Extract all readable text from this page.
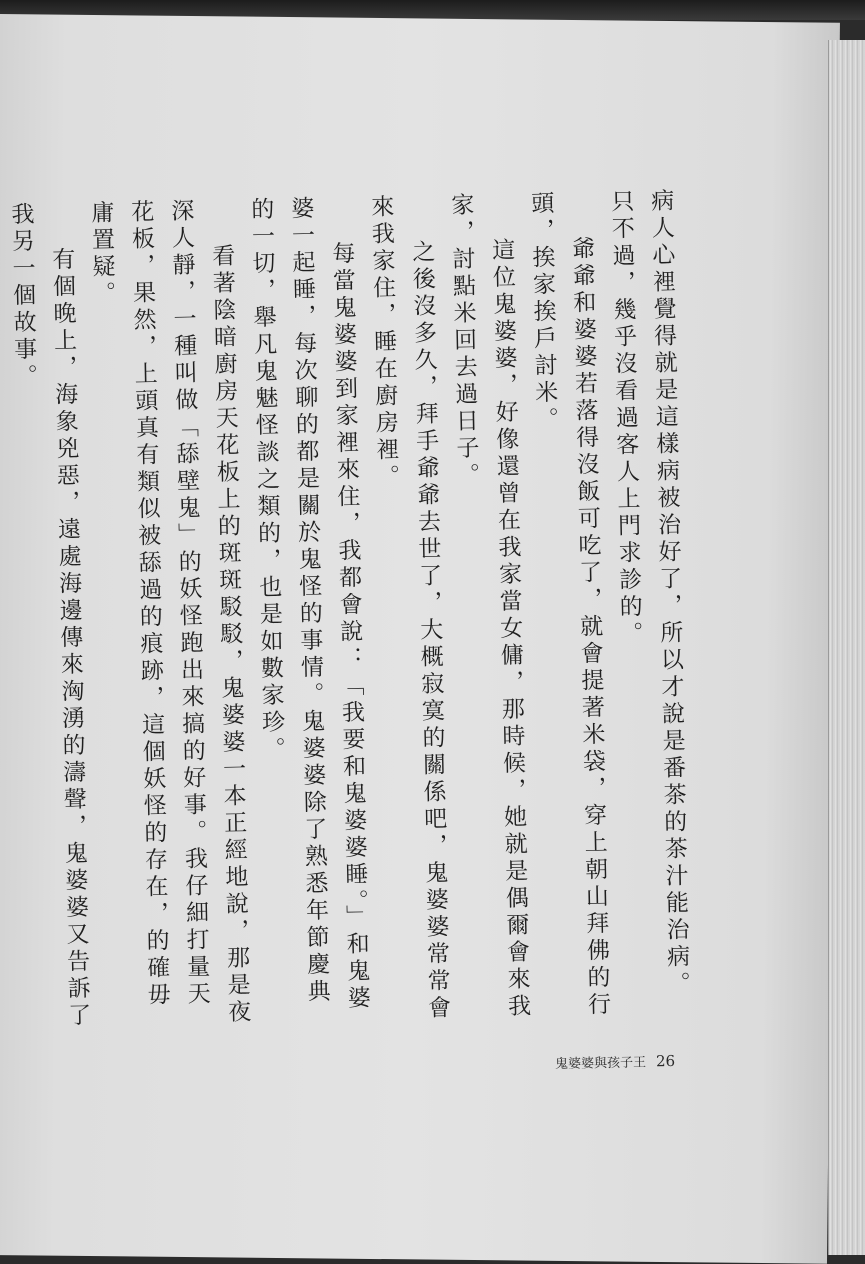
病人心裡覺得就是這樣病被治好了，所以才說是番茶的茶汁能治病。只不過，幾乎沒看過客人上門求診的。

爺爺和婆婆若落得沒飯可吃了，就會提著米袋，穿上朝山拜佛的行頭，挨家挨戶討米。

這位鬼婆婆，好像還曾在我家當女傭，那時候，她就是偶爾會來我家，討點米回去過日子。

之後沒多久，拜手爺爺去世了，大概寂寞的關係吧，鬼婆婆常常會來我家住，睡在廚房裡。

每當鬼婆婆到家裡來住，我都會說：「我要和鬼婆婆睡。」和鬼婆婆一起睡，每次聊的都是關於鬼怪的事情。鬼婆婆除了熟悉年節慶典的一切，舉凡鬼魅怪談之類的，也是如數家珍。

看著陰暗廚房天花板上的斑斑駁駁，鬼婆婆一本正經地說，那是夜深人靜，一種叫做「舔壁鬼」的妖怪跑出來搞的好事。我仔細打量天花板，果然，上頭真有類似被舔過的痕跡，這個妖怪的存在，的確毋庸置疑。

有個晚上，海象兇惡，遠處海邊傳來洶湧的濤聲，鬼婆婆又告訴了我另一個故事。

鬼婆婆與孩子王 26
